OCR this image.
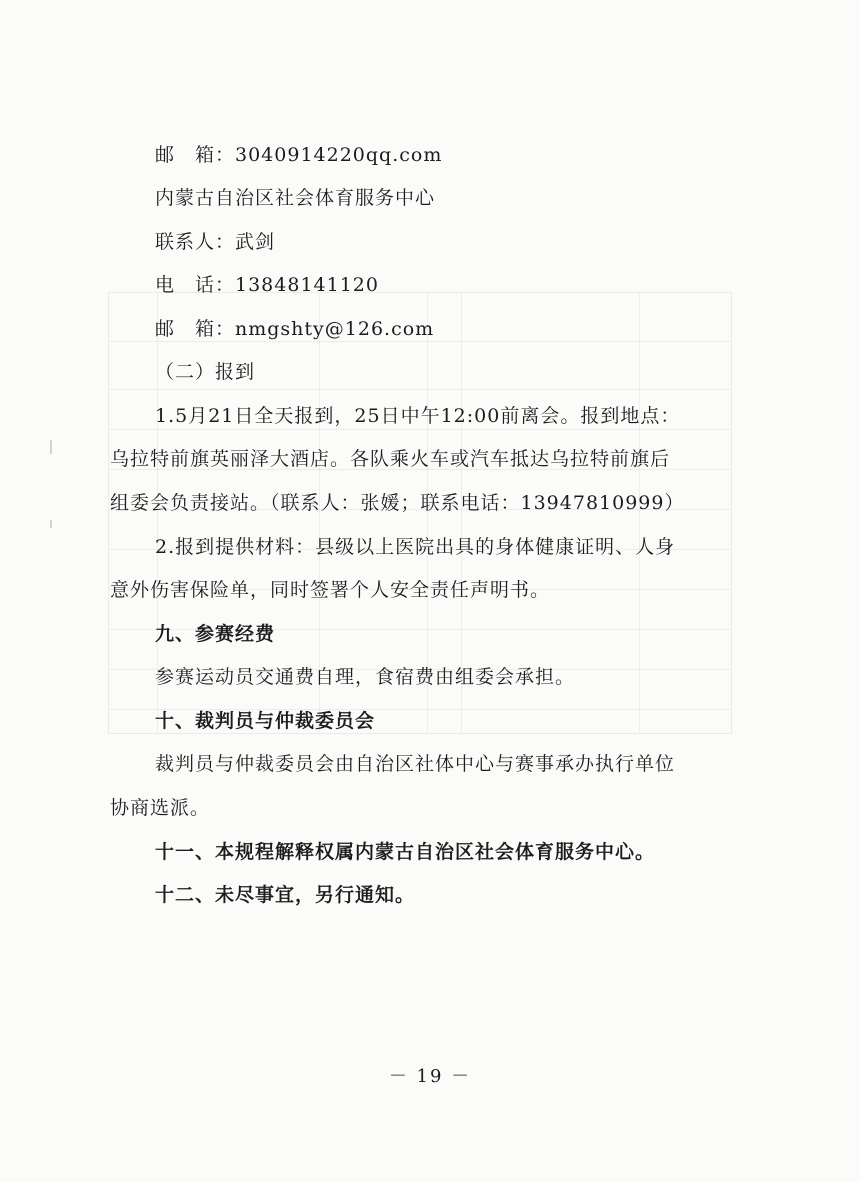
邮　箱：3040914220qq.com
内蒙古自治区社会体育服务中心
联系人：武剑
电　话：13848141120
邮　箱：nmgshty@126.com
（二）报到
1.5月21日全天报到，25日中午12:00前离会。报到地点：
乌拉特前旗英丽泽大酒店。各队乘火车或汽车抵达乌拉特前旗后
组委会负责接站。（联系人：张媛；联系电话：13947810999）
2.报到提供材料：县级以上医院出具的身体健康证明、人身
意外伤害保险单，同时签署个人安全责任声明书。
九、参赛经费
参赛运动员交通费自理，食宿费由组委会承担。
十、裁判员与仲裁委员会
裁判员与仲裁委员会由自治区社体中心与赛事承办执行单位
协商选派。
十一、本规程解释权属内蒙古自治区社会体育服务中心。
十二、未尽事宜，另行通知。
－ 19 －
